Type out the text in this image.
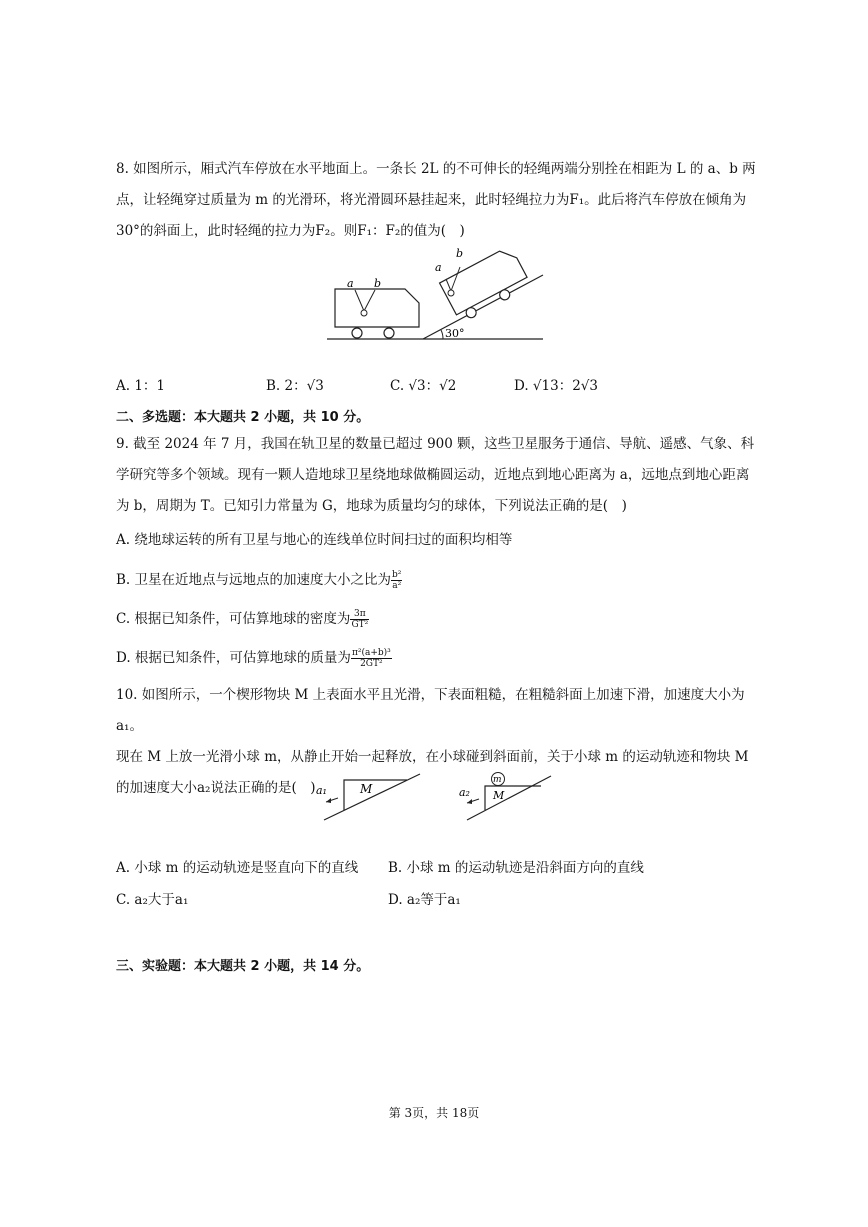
8. 如图所示，厢式汽车停放在水平地面上。一条长 2L 的不可伸长的轻绳两端分别拴在相距为 L 的 a、b 两
点，让轻绳穿过质量为 m 的光滑环，将光滑圆环悬挂起来，此时轻绳拉力为F₁。此后将汽车停放在倾角为
30°的斜面上，此时轻绳的拉力为F₂。则F₁：F₂的值为(　)
a b
30°
a
b
A. 1：1	B. 2：√3	C. √3：√2	D. √13：2√3
二、多选题：本大题共 2 小题，共 10 分。
9. 截至 2024 年 7 月，我国在轨卫星的数量已超过 900 颗，这些卫星服务于通信、导航、遥感、气象、科
学研究等多个领域。现有一颗人造地球卫星绕地球做椭圆运动，近地点到地心距离为 a，远地点到地心距离
为 b，周期为 T。已知引力常量为 G，地球为质量均匀的球体，下列说法正确的是(　)
A. 绕地球运转的所有卫星与地心的连线单位时间扫过的面积均相等
B. 卫星在近地点与远地点的加速度大小之比为 $\frac{\text{b²}}{\text{a²}}$
C. 根据已知条件，可估算地球的密度为 $\frac{3\pi}{\text{GT²}}$
D. 根据已知条件，可估算地球的质量为 $\frac{\text{π²(a+b)³}}{\text{2GT²}}$
10. 如图所示，一个楔形物块 M 上表面水平且光滑，下表面粗糙，在粗糙斜面上加速下滑，加速度大小为a₁。
现在 M 上放一光滑小球 m，从静止开始一起释放，在小球碰到斜面前，关于小球 m 的运动轨迹和物块 M
的加速度大小a₂说法正确的是(　)	M
a₁
m
M
a₂
A. 小球 m 的运动轨迹是竖直向下的直线 B. 小球 m 的运动轨迹是沿斜面方向的直线
C. a₂大于a₁	D. a₂等于a₁
三、实验题：本大题共 2 小题，共 14 分。
第 3页，共 18页
